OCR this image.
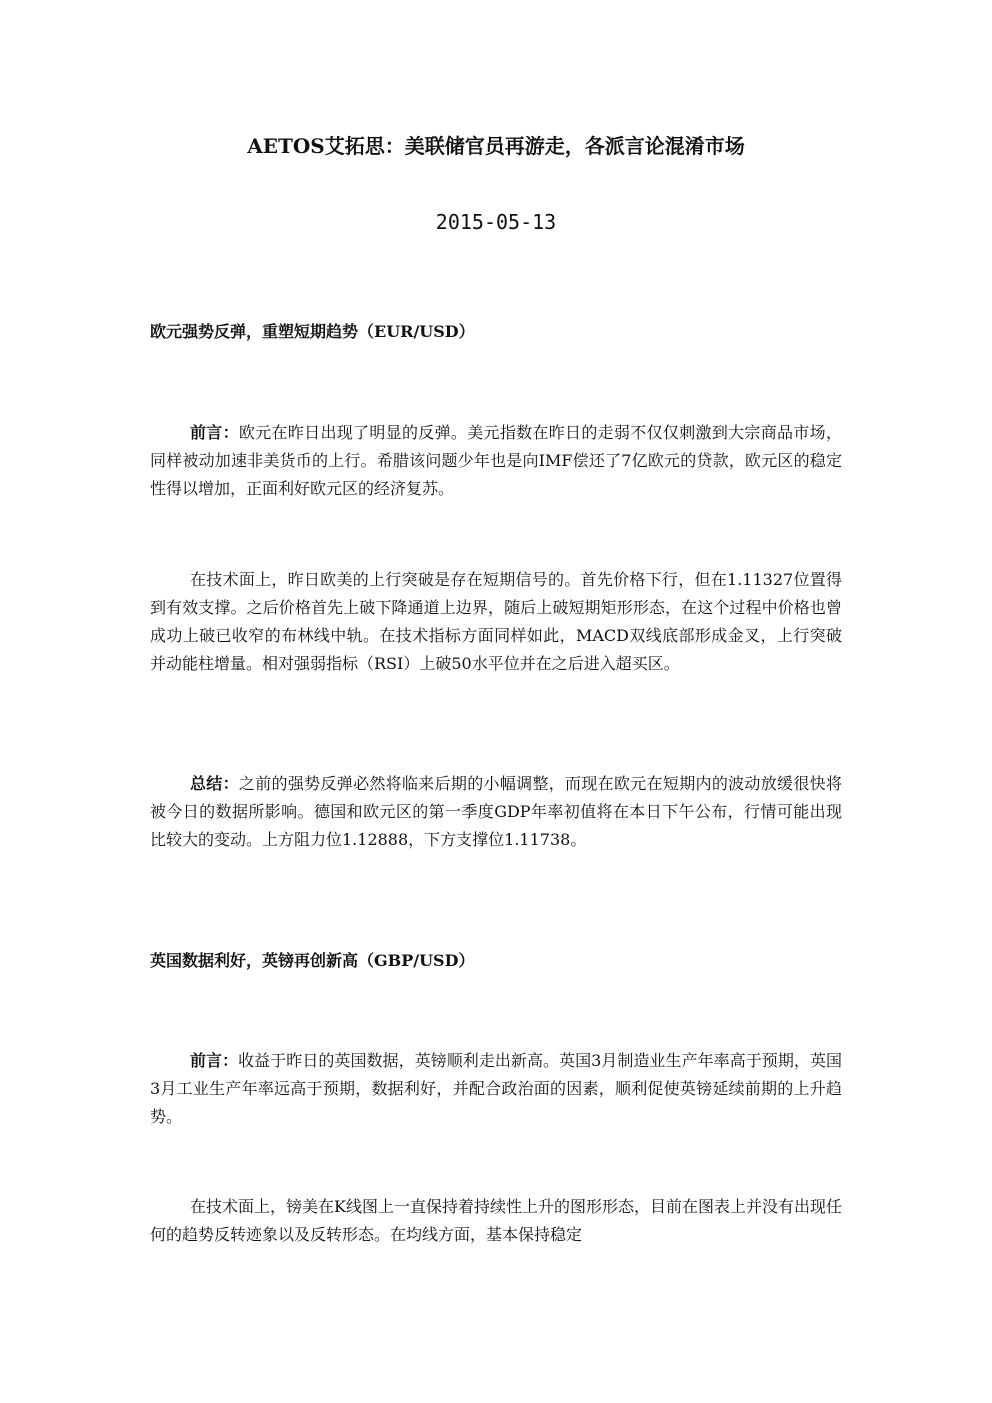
AETOS艾拓思：美联储官员再游走，各派言论混淆市场
2015-05-13
欧元强势反弹，重塑短期趋势（EUR/USD）
前言：欧元在昨日出现了明显的反弹。美元指数在昨日的走弱不仅仅刺激到大宗商品市场，同样被动加速非美货币的上行。希腊该问题少年也是向IMF偿还了7亿欧元的贷款，欧元区的稳定性得以增加，正面利好欧元区的经济复苏。
在技术面上，昨日欧美的上行突破是存在短期信号的。首先价格下行，但在1.11327位置得到有效支撑。之后价格首先上破下降通道上边界，随后上破短期矩形形态，在这个过程中价格也曾成功上破已收窄的布林线中轨。在技术指标方面同样如此，MACD双线底部形成金叉，上行突破并动能柱增量。相对强弱指标（RSI）上破50水平位并在之后进入超买区。
总结：之前的强势反弹必然将临来后期的小幅调整，而现在欧元在短期内的波动放缓很快将被今日的数据所影响。德国和欧元区的第一季度GDP年率初值将在本日下午公布，行情可能出现比较大的变动。上方阻力位1.12888，下方支撑位1.11738。
英国数据利好，英镑再创新高（GBP/USD）
前言：收益于昨日的英国数据，英镑顺利走出新高。英国3月制造业生产年率高于预期，英国3月工业生产年率远高于预期，数据利好，并配合政治面的因素，顺利促使英镑延续前期的上升趋势。
在技术面上，镑美在K线图上一直保持着持续性上升的图形形态，目前在图表上并没有出现任何的趋势反转迹象以及反转形态。在均线方面，基本保持稳定
